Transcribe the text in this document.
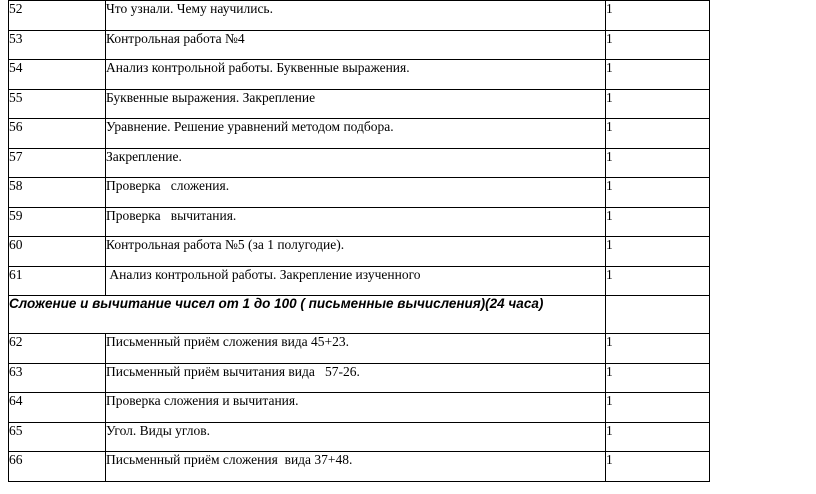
52	Что узнали. Чему научились.	1
53	Контрольная работа №4	1
54	Анализ контрольной работы. Буквенные выражения.	1
55	Буквенные выражения. Закрепление	1
56	Уравнение. Решение уравнений методом подбора.	1
57	Закрепление.	1
58	Проверка   сложения.	1
59	Проверка   вычитания.	1
60	Контрольная работа №5 (за 1 полугодие).	1
61	Анализ контрольной работы. Закрепление изученного	1
Сложение и вычитание чисел от 1 до 100 ( письменные вычисления)(24 часа)		
62	Письменный приём сложения вида 45+23.	1
63	Письменный приём вычитания вида   57-26.	1
64	Проверка сложения и вычитания.	1
65	Угол. Виды углов.	1
66	Письменный приём сложения  вида 37+48.	1
